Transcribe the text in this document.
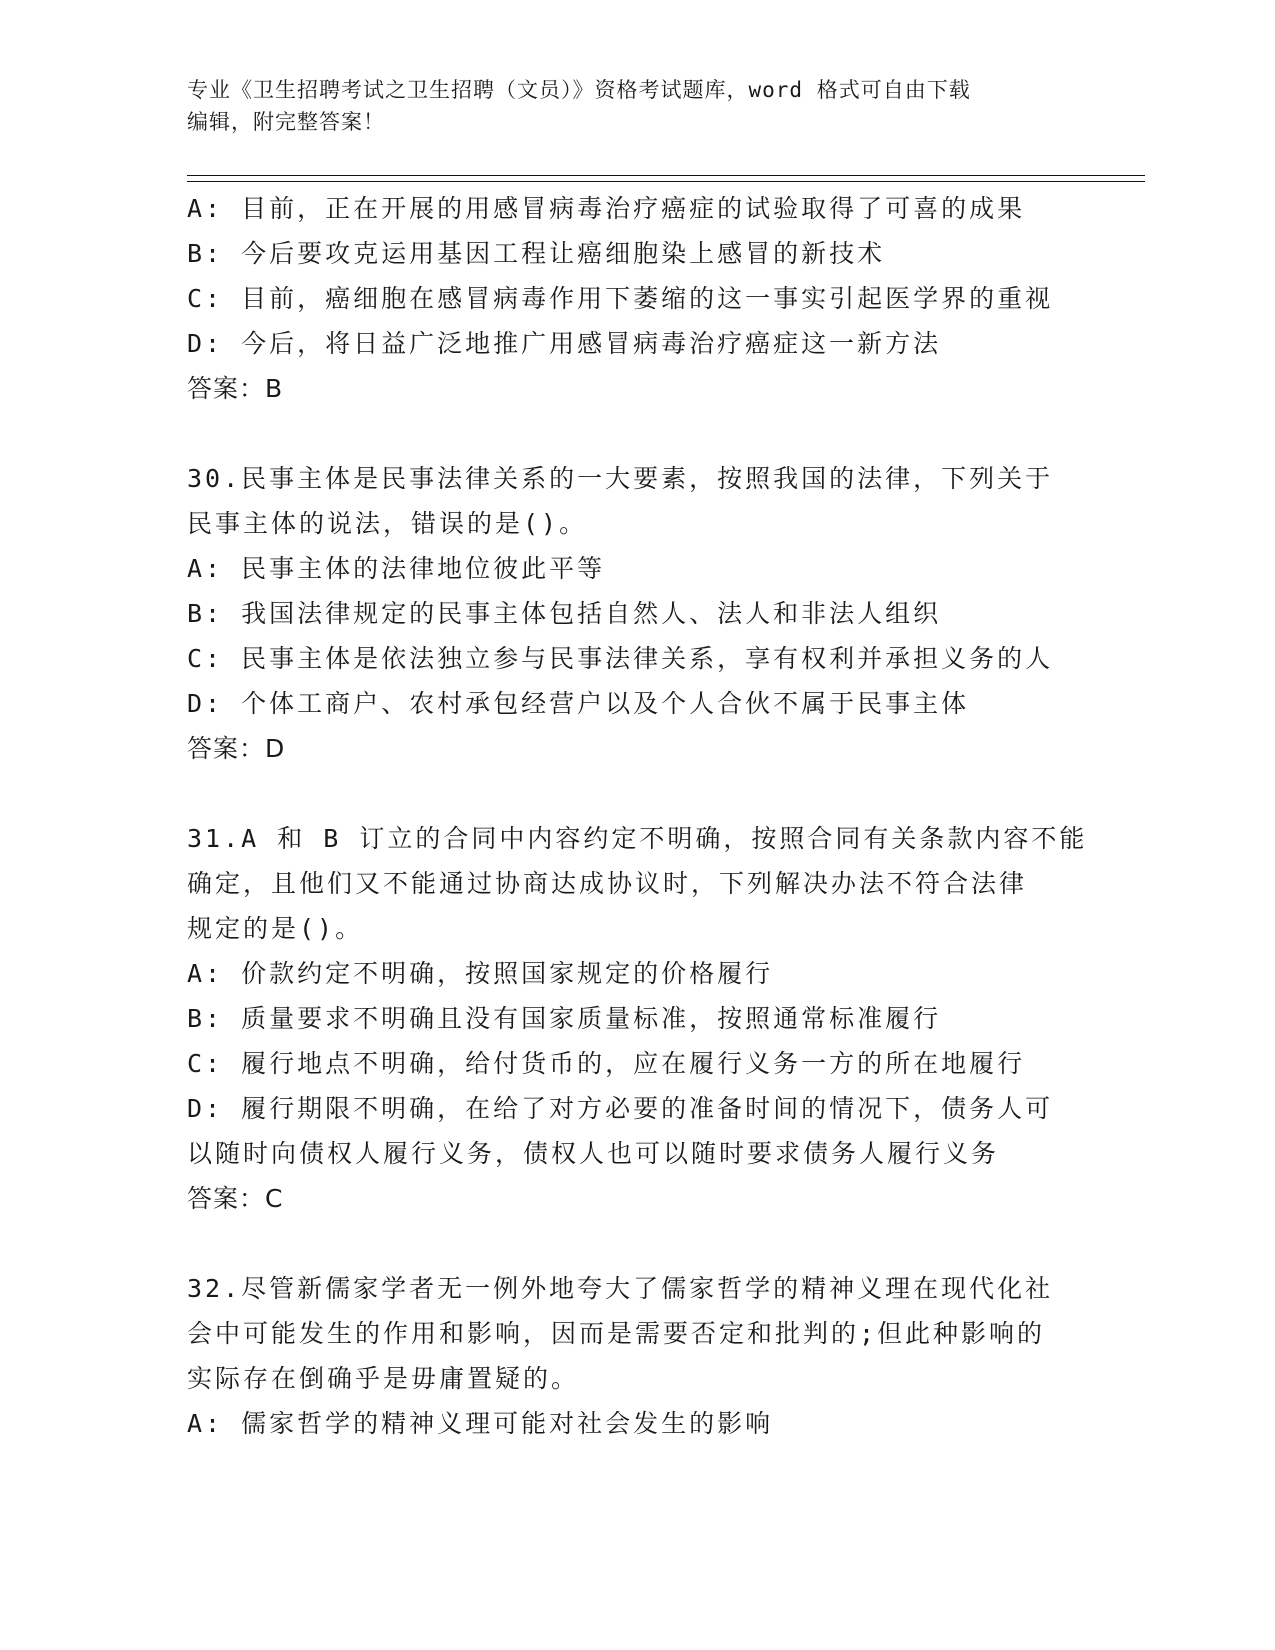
专业《卫生招聘考试之卫生招聘（文员）》资格考试题库，word 格式可自由下载
编辑，附完整答案！
A: 目前，正在开展的用感冒病毒治疗癌症的试验取得了可喜的成果
B: 今后要攻克运用基因工程让癌细胞染上感冒的新技术
C: 目前，癌细胞在感冒病毒作用下萎缩的这一事实引起医学界的重视
D: 今后，将日益广泛地推广用感冒病毒治疗癌症这一新方法
答案：B
30.民事主体是民事法律关系的一大要素，按照我国的法律，下列关于
民事主体的说法，错误的是()。
A: 民事主体的法律地位彼此平等
B: 我国法律规定的民事主体包括自然人、法人和非法人组织
C: 民事主体是依法独立参与民事法律关系，享有权利并承担义务的人
D: 个体工商户、农村承包经营户以及个人合伙不属于民事主体
答案：D
31.A 和 B 订立的合同中内容约定不明确，按照合同有关条款内容不能
确定，且他们又不能通过协商达成协议时，下列解决办法不符合法律
规定的是()。
A: 价款约定不明确，按照国家规定的价格履行
B: 质量要求不明确且没有国家质量标准，按照通常标准履行
C: 履行地点不明确，给付货币的，应在履行义务一方的所在地履行
D: 履行期限不明确，在给了对方必要的准备时间的情况下，债务人可
以随时向债权人履行义务，债权人也可以随时要求债务人履行义务
答案：C
32.尽管新儒家学者无一例外地夸大了儒家哲学的精神义理在现代化社
会中可能发生的作用和影响，因而是需要否定和批判的;但此种影响的
实际存在倒确乎是毋庸置疑的。
A: 儒家哲学的精神义理可能对社会发生的影响
